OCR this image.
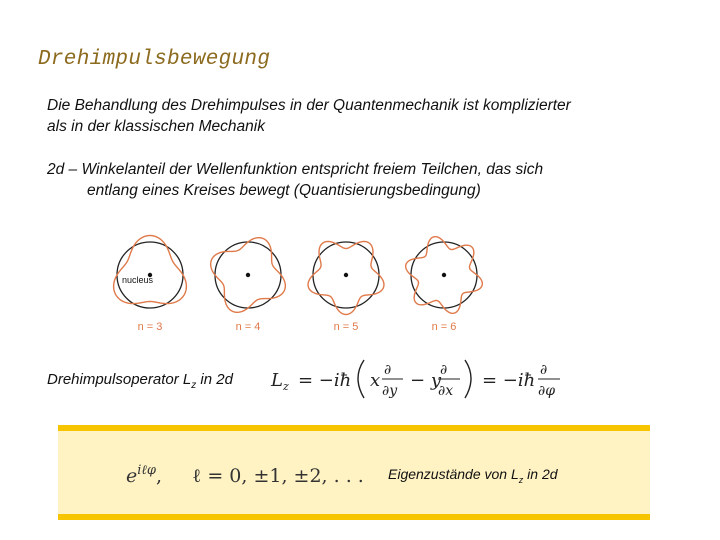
Drehimpulsbewegung
Die Behandlung des Drehimpulses in der Quantenmechanik ist komplizierter
als in der klassischen Mechanik
2d – Winkelanteil der Wellenfunktion entspricht freiem Teilchen, das sich
entlang eines Kreises bewegt (Quantisierungsbedingung)
nucleus
n = 3	n = 4	n = 5	n = 6
Drehimpulsoperator $L_z$ in 2d $L_z$ = −iħ x ∂
∂y − y ∂
∂x = −iħ ∂
∂φ
$e^{i\ell\varphi}$,     ℓ = 0, ±1, ±2, . . . Eigenzustände von $L_z$ in 2d
